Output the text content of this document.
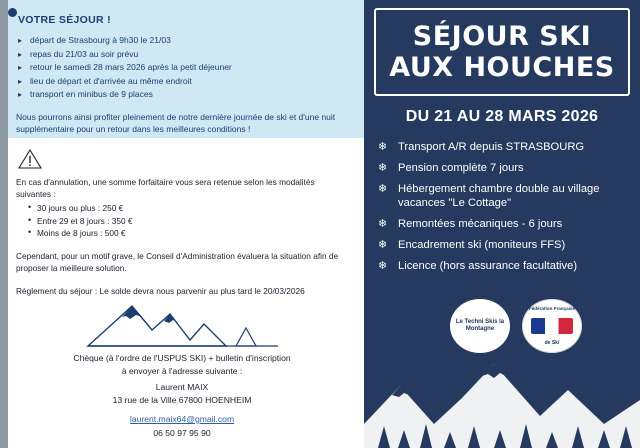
VOTRE SÉJOUR !
▸ départ de Strasbourg à 9h30 le 21/03
▸ repas du 21/03 au soir prévu
▸ retour le samedi 28 mars 2026 après la petit déjeuner
▸ lieu de départ et d'arrivée au même endroit
▸ transport en minibus de 9 places

Nous pourrons ainsi profiter pleinement de notre dernière journée de ski et d'une nuit supplémentaire pour un retour dans les meilleures conditions !

En cas d'annulation, une somme forfaitaire vous sera retenue selon les modalités suivantes :

• 30 jours ou plus : 250 €
• Entre 29 et 8 jours : 350 €
• Moins de 8 jours : 500 €

Cependant, pour un motif grave, le Conseil d'Administration évaluera la situation afin de proposer la meilleure solution.

Règlement du séjour : Le solde devra nous parvenir au plus tard le 20/03/2026

Chèque (à l'ordre de l'USPUS SKI) + bulletin d'inscription
à envoyer à l'adresse suivante :
Laurent MAIX
13 rue de la Ville 67800 HOENHEIM
laurent.maix64@gmail.com
06 50 97 95 90
SÉJOUR SKI
AUX HOUCHES
DU 21 AU 28 MARS 2026
❄ Transport A/R depuis STRASBOURG
❄ Pension complète 7 jours
❄ Hébergement chambre double au village vacances "Le Cottage"
❄ Remontées mécaniques - 6 jours
❄ Encadrement ski (moniteurs FFS)
❄ Licence (hors assurance facultative)
Le Techni Skis la Montagne
Fédération Française
de Ski
